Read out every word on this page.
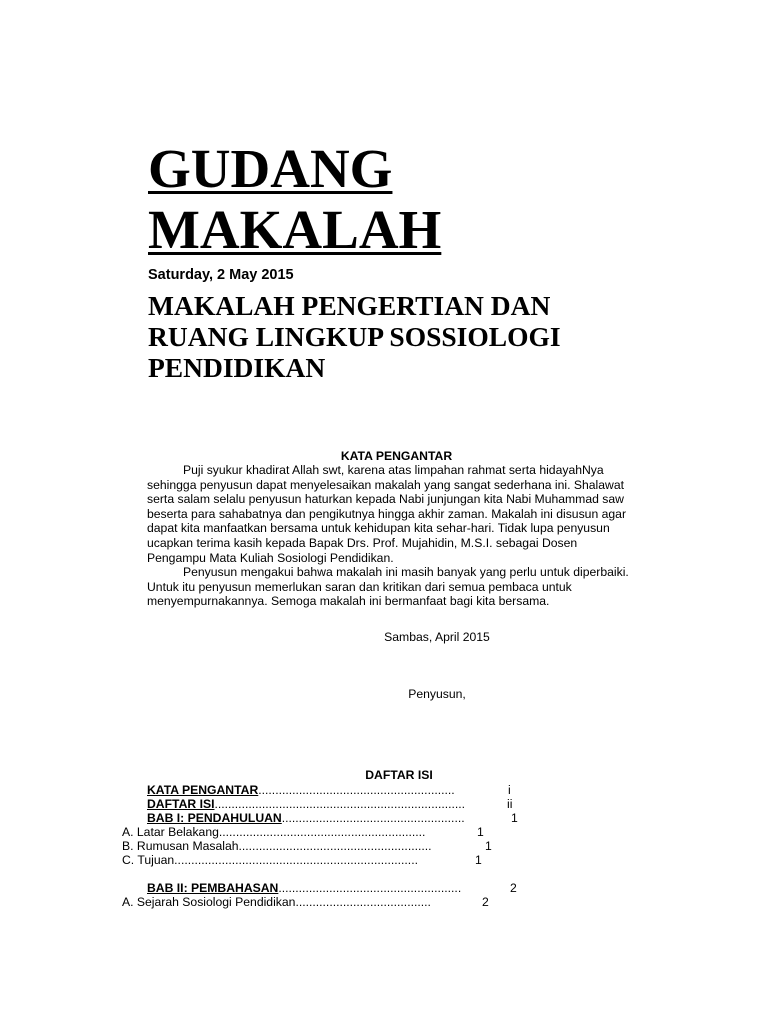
GUDANG
MAKALAH
Saturday, 2 May 2015
MAKALAH PENGERTIAN DAN
RUANG LINGKUP SOSSIOLOGI
PENDIDIKAN
KATA PENGANTAR
Puji syukur khadirat Allah swt, karena atas limpahan rahmat serta hidayahNya
sehingga penyusun dapat menyelesaikan makalah yang sangat sederhana ini. Shalawat
serta salam selalu penyusun haturkan kepada Nabi junjungan kita Nabi Muhammad saw
beserta para sahabatnya dan pengikutnya hingga akhir zaman. Makalah ini disusun agar
dapat kita manfaatkan bersama untuk kehidupan kita sehar-hari. Tidak lupa penyusun
ucapkan terima kasih kepada Bapak Drs. Prof. Mujahidin, M.S.I. sebagai Dosen
Pengampu Mata Kuliah Sosiologi Pendidikan.
Penyusun mengakui bahwa makalah ini masih banyak yang perlu untuk diperbaiki.
Untuk itu penyusun memerlukan saran dan kritikan dari semua pembaca untuk
menyempurnakannya. Semoga makalah ini bermanfaat bagi kita bersama.
Sambas, April 2015
Penyusun,
DAFTAR ISI
KATA PENGANTAR..........................................................	i
DAFTAR ISI..........................................................................	ii
BAB I: PENDAHULUAN......................................................	1
A. Latar Belakang.............................................................	1
B. Rumusan Masalah.........................................................	1
C. Tujuan........................................................................	1
BAB II: PEMBAHASAN......................................................	2
A. Sejarah Sosiologi Pendidikan........................................	2
